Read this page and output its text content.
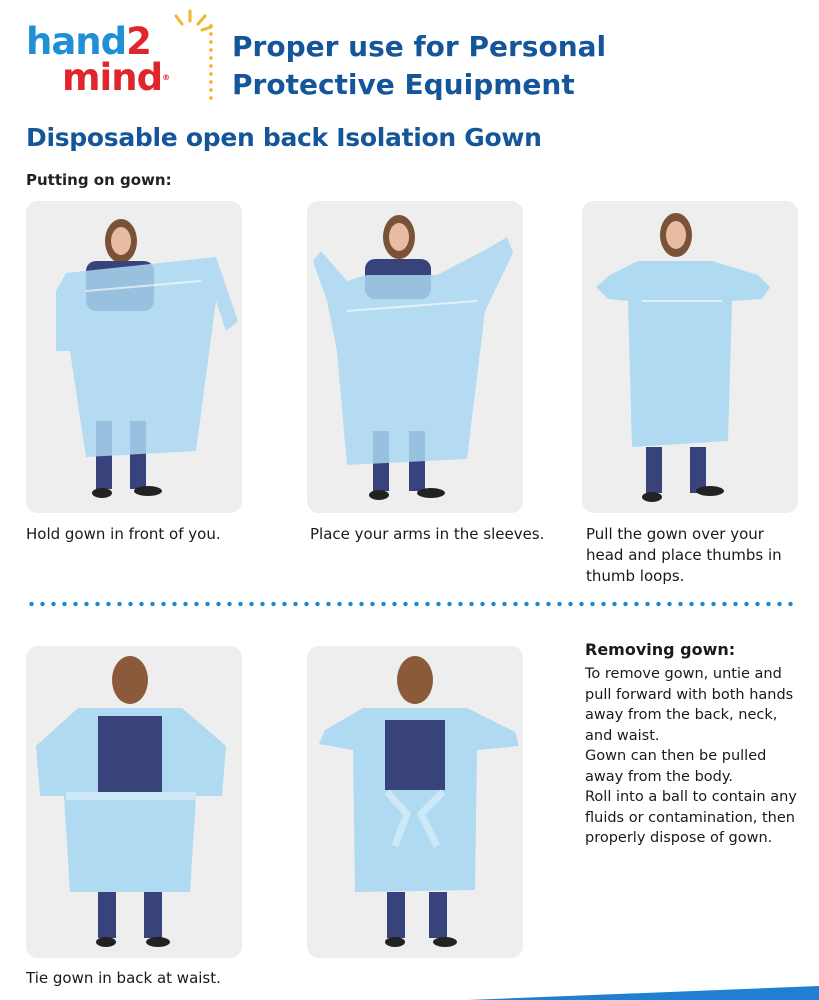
hand2
mind®
Proper use for Personal Protective Equipment
Disposable open back Isolation Gown
Putting on gown:
Hold gown in front of you.	Place your arms in the sleeves.	Pull the gown over your head and place thumbs in thumb loops.
Tie gown in back at waist.
Removing gown:

To remove gown, untie and pull forward with both hands away from the back, neck, and waist.

Gown can then be pulled away from the body.

Roll into a ball to contain any fluids or contamination, then properly dispose of gown.
